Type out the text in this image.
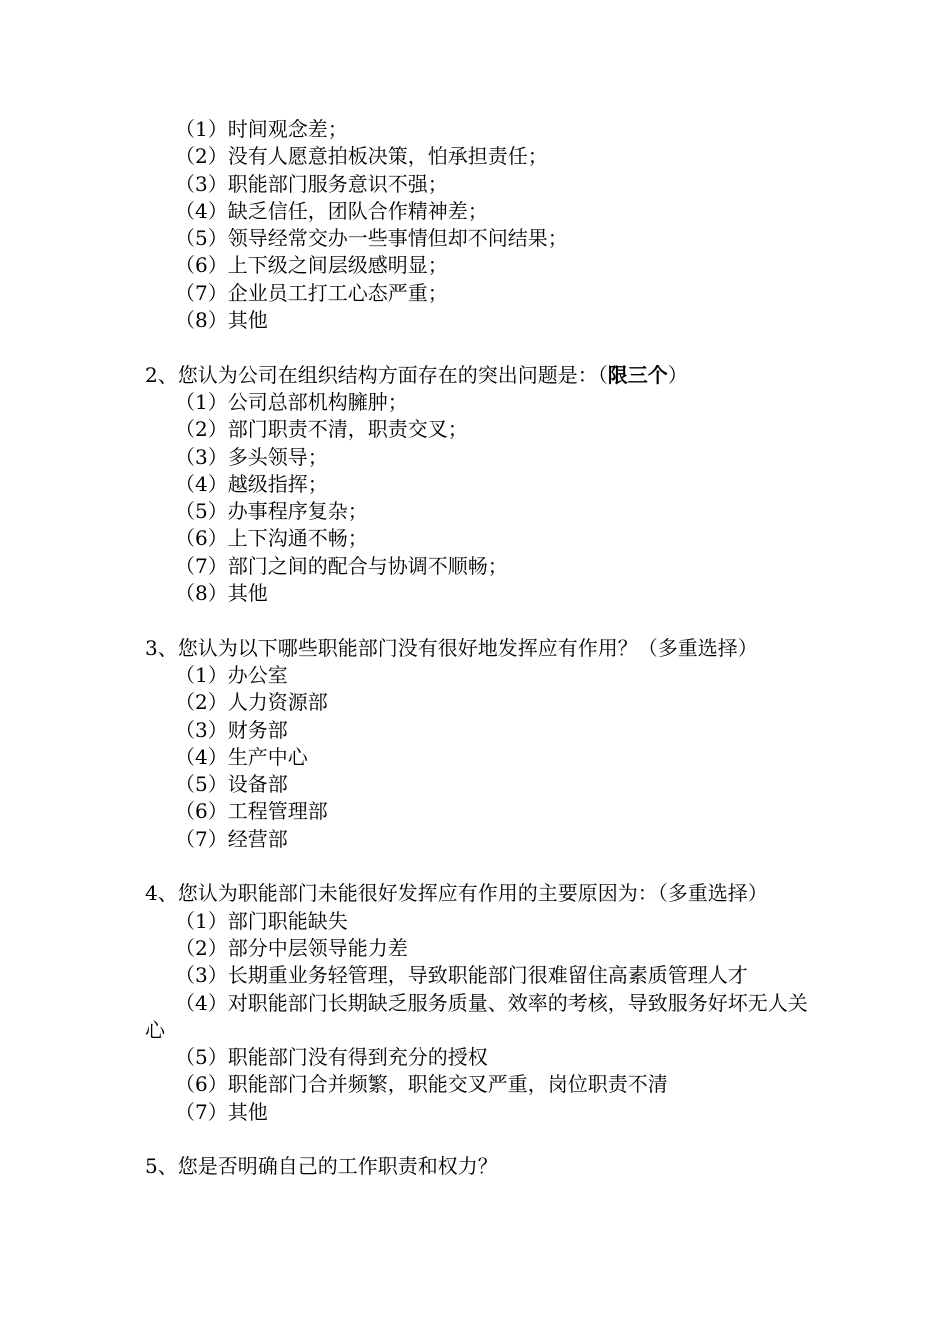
（1）时间观念差；

（2）没有人愿意拍板决策，怕承担责任；

（3）职能部门服务意识不强；

（4）缺乏信任，团队合作精神差；

（5）领导经常交办一些事情但却不问结果；

（6）上下级之间层级感明显；

（7）企业员工打工心态严重；

（8）其他

2、您认为公司在组织结构方面存在的突出问题是：（限三个）

（1）公司总部机构臃肿；

（2）部门职责不清，职责交叉；

（3）多头领导；

（4）越级指挥；

（5）办事程序复杂；

（6）上下沟通不畅；

（7）部门之间的配合与协调不顺畅；

（8）其他

3、您认为以下哪些职能部门没有很好地发挥应有作用？（多重选择）

（1）办公室

（2）人力资源部

（3）财务部

（4）生产中心

（5）设备部

（6）工程管理部

（7）经营部

4、您认为职能部门未能很好发挥应有作用的主要原因为：（多重选择）

（1）部门职能缺失

（2）部分中层领导能力差

（3）长期重业务轻管理，导致职能部门很难留住高素质管理人才

（4）对职能部门长期缺乏服务质量、效率的考核，导致服务好坏无人关心

（5）职能部门没有得到充分的授权

（6）职能部门合并频繁，职能交叉严重，岗位职责不清

（7）其他

5、您是否明确自己的工作职责和权力？
